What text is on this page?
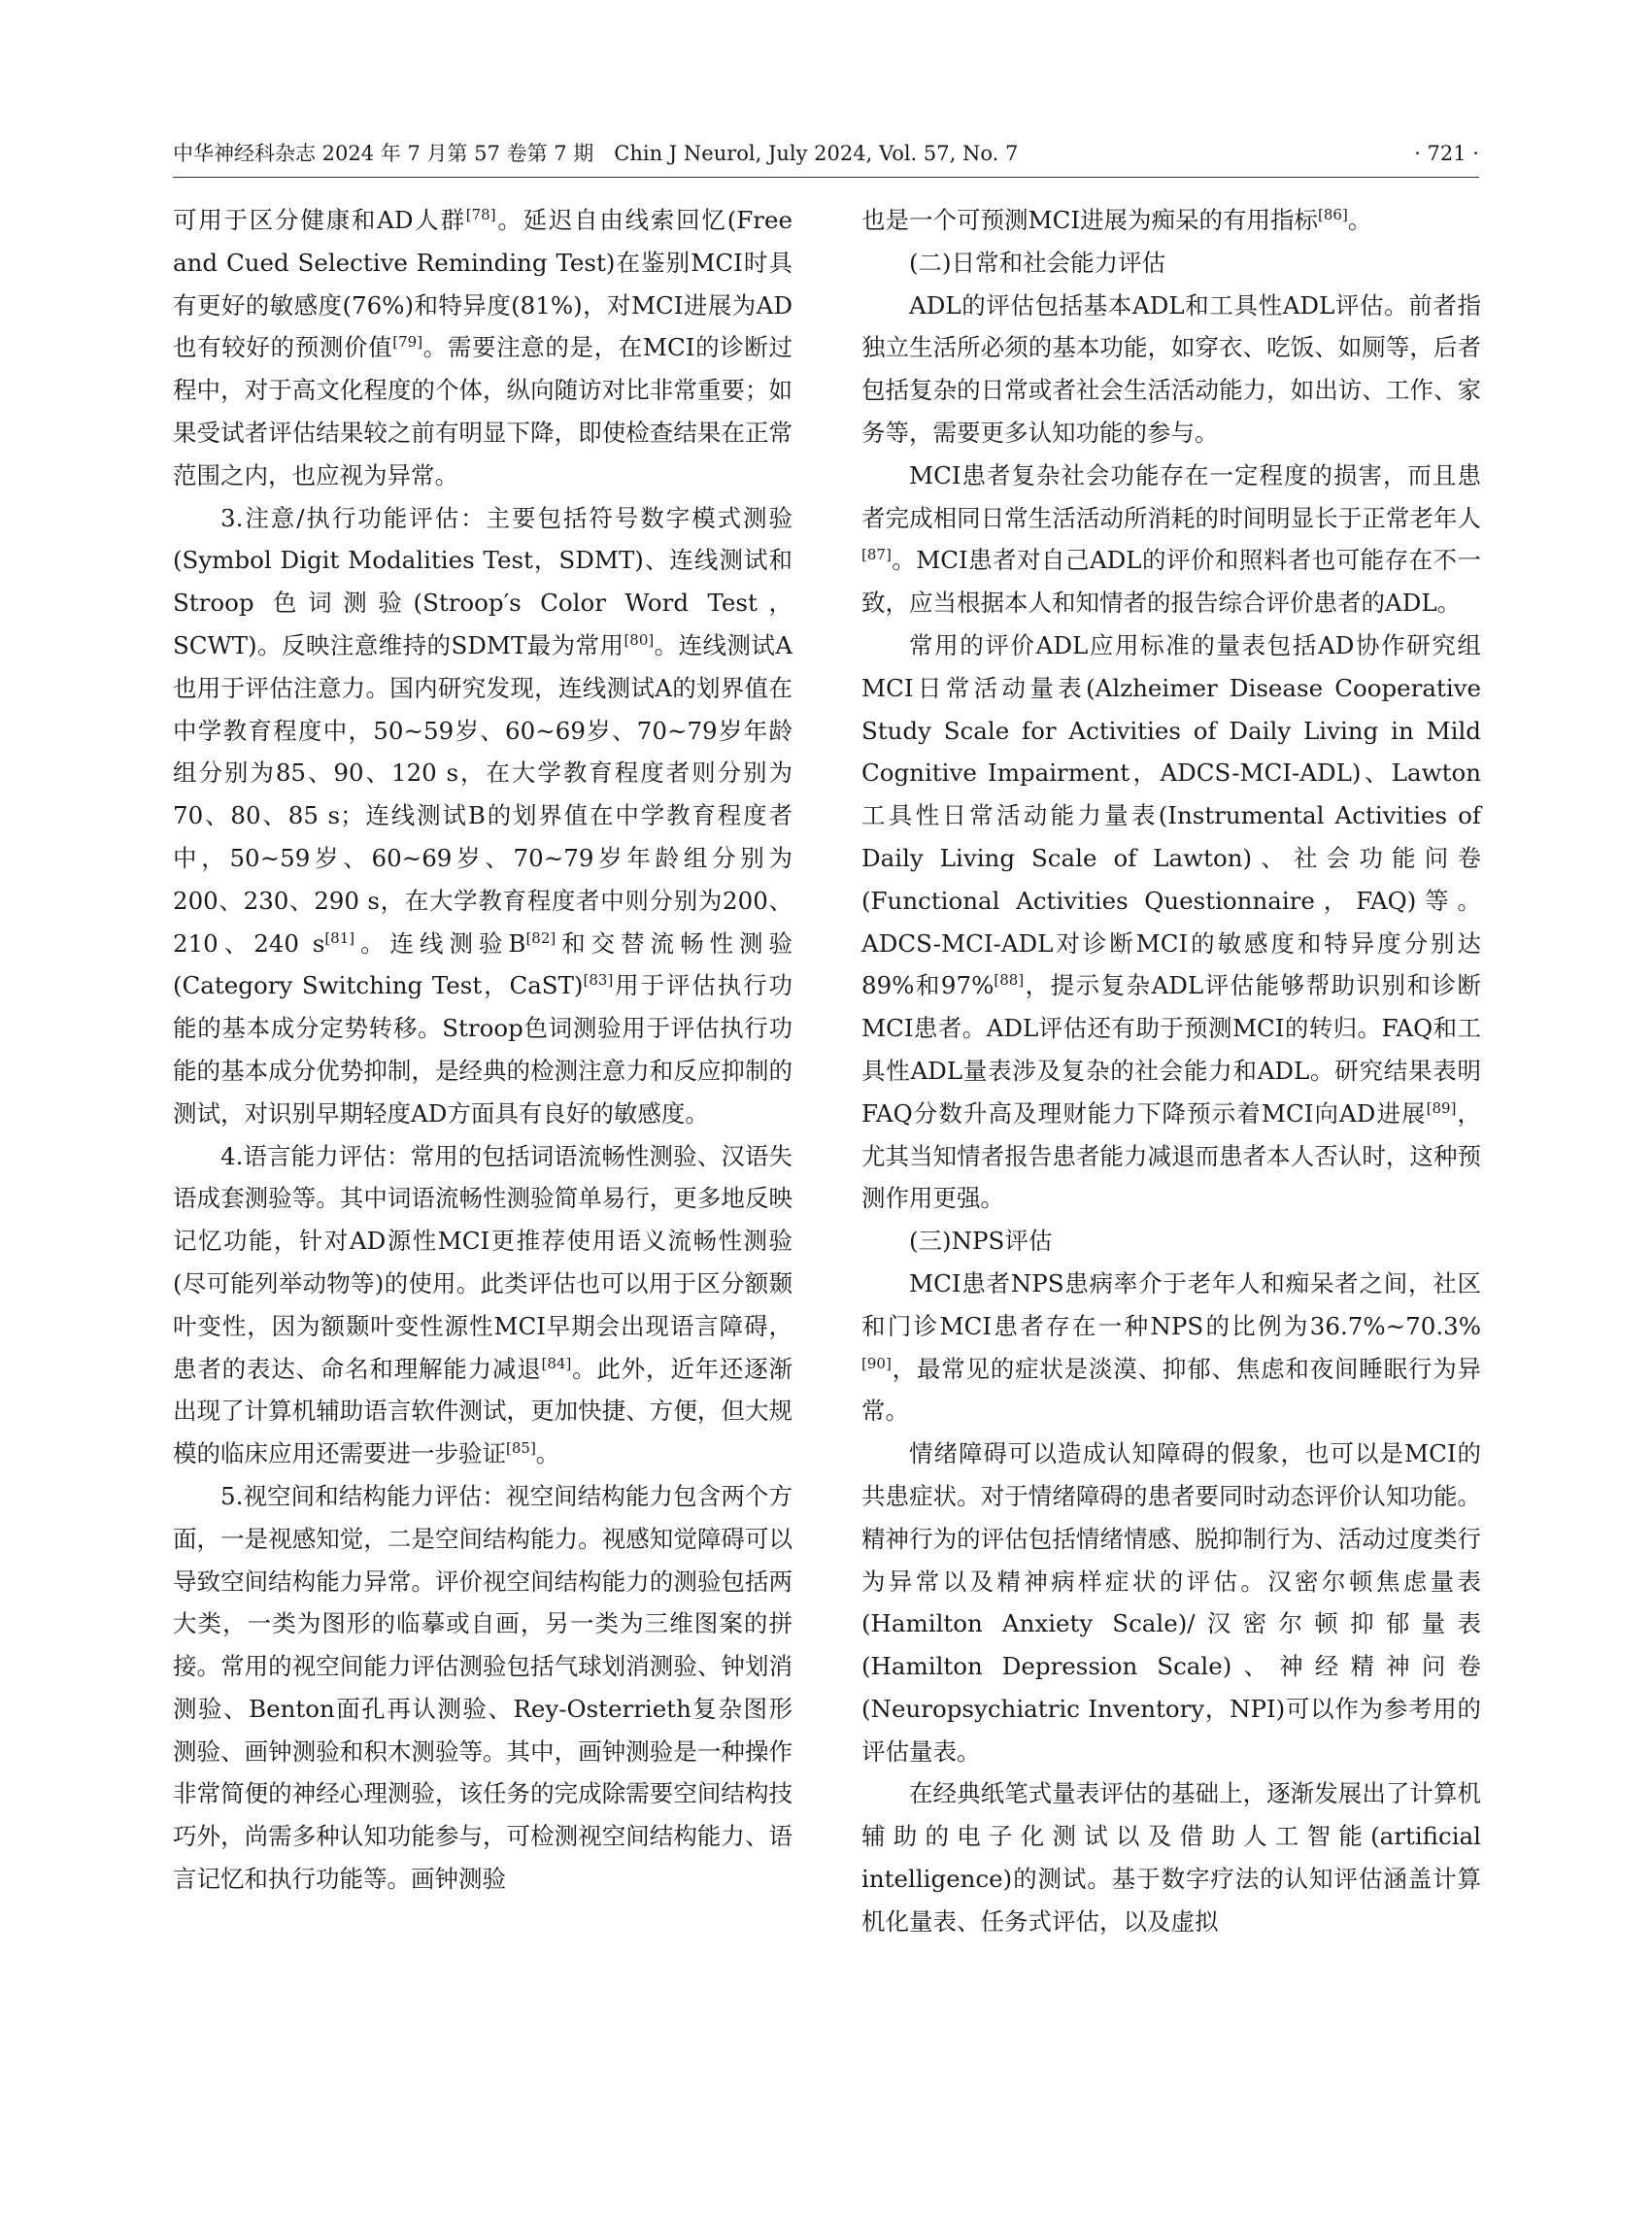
中华神经科杂志 2024 年 7 月第 57 卷第 7 期　Chin J Neurol, July 2024, Vol. 57, No. 7	· 721 ·

可用于区分健康和AD人群[78]。延迟自由线索回忆(Free and Cued Selective Reminding Test)在鉴别MCI时具有更好的敏感度(76%)和特异度(81%)，对MCI进展为AD也有较好的预测价值[79]。需要注意的是，在MCI的诊断过程中，对于高文化程度的个体，纵向随访对比非常重要；如果受试者评估结果较之前有明显下降，即使检查结果在正常范围之内，也应视为异常。

3.注意/执行功能评估：主要包括符号数字模式测验(Symbol Digit Modalities Test，SDMT)、连线测试和 Stroop 色词测验(Stroop′s Color Word Test，SCWT)。反映注意维持的SDMT最为常用[80]。连线测试A也用于评估注意力。国内研究发现，连线测试A的划界值在中学教育程度中，50~59岁、60~69岁、70~79岁年龄组分别为85、90、120 s，在大学教育程度者则分别为70、80、85 s；连线测试B的划界值在中学教育程度者中，50~59岁、60~69岁、70~79岁年龄组分别为200、230、290 s，在大学教育程度者中则分别为200、210、240 s[81]。连线测验B[82]和交替流畅性测验(Category Switching Test，CaST)[83]用于评估执行功能的基本成分定势转移。Stroop色词测验用于评估执行功能的基本成分优势抑制，是经典的检测注意力和反应抑制的测试，对识别早期轻度AD方面具有良好的敏感度。

4.语言能力评估：常用的包括词语流畅性测验、汉语失语成套测验等。其中词语流畅性测验简单易行，更多地反映记忆功能，针对AD源性MCI更推荐使用语义流畅性测验(尽可能列举动物等)的使用。此类评估也可以用于区分额颞叶变性，因为额颞叶变性源性MCI早期会出现语言障碍，患者的表达、命名和理解能力减退[84]。此外，近年还逐渐出现了计算机辅助语言软件测试，更加快捷、方便，但大规模的临床应用还需要进一步验证[85]。

5.视空间和结构能力评估：视空间结构能力包含两个方面，一是视感知觉，二是空间结构能力。视感知觉障碍可以导致空间结构能力异常。评价视空间结构能力的测验包括两大类，一类为图形的临摹或自画，另一类为三维图案的拼接。常用的视空间能力评估测验包括气球划消测验、钟划消测验、Benton面孔再认测验、Rey-Osterrieth复杂图形测验、画钟测验和积木测验等。其中，画钟测验是一种操作非常简便的神经心理测验，该任务的完成除需要空间结构技巧外，尚需多种认知功能参与，可检测视空间结构能力、语言记忆和执行功能等。画钟测验

也是一个可预测MCI进展为痴呆的有用指标[86]。

(二)日常和社会能力评估

ADL的评估包括基本ADL和工具性ADL评估。前者指独立生活所必须的基本功能，如穿衣、吃饭、如厕等，后者包括复杂的日常或者社会生活活动能力，如出访、工作、家务等，需要更多认知功能的参与。

MCI患者复杂社会功能存在一定程度的损害，而且患者完成相同日常生活活动所消耗的时间明显长于正常老年人[87]。MCI患者对自己ADL的评价和照料者也可能存在不一致，应当根据本人和知情者的报告综合评价患者的ADL。

常用的评价ADL应用标准的量表包括AD协作研究组MCI日常活动量表(Alzheimer Disease Cooperative Study Scale for Activities of Daily Living in Mild Cognitive Impairment，ADCS-MCI-ADL)、Lawton工具性日常活动能力量表(Instrumental Activities of Daily Living Scale of Lawton)、社会功能问卷(Functional Activities Questionnaire，FAQ)等。ADCS-MCI-ADL对诊断MCI的敏感度和特异度分别达89%和97%[88]，提示复杂ADL评估能够帮助识别和诊断MCI患者。ADL评估还有助于预测MCI的转归。FAQ和工具性ADL量表涉及复杂的社会能力和ADL。研究结果表明FAQ分数升高及理财能力下降预示着MCI向AD进展[89]，尤其当知情者报告患者能力减退而患者本人否认时，这种预测作用更强。

(三)NPS评估

MCI患者NPS患病率介于老年人和痴呆者之间，社区和门诊MCI患者存在一种NPS的比例为36.7%~70.3%[90]，最常见的症状是淡漠、抑郁、焦虑和夜间睡眠行为异常。

情绪障碍可以造成认知障碍的假象，也可以是MCI的共患症状。对于情绪障碍的患者要同时动态评价认知功能。精神行为的评估包括情绪情感、脱抑制行为、活动过度类行为异常以及精神病样症状的评估。汉密尔顿焦虑量表(Hamilton Anxiety Scale)/汉密尔顿抑郁量表(Hamilton Depression Scale)、神经精神问卷(Neuropsychiatric Inventory，NPI)可以作为参考用的评估量表。

在经典纸笔式量表评估的基础上，逐渐发展出了计算机辅助的电子化测试以及借助人工智能(artificial intelligence)的测试。基于数字疗法的认知评估涵盖计算机化量表、任务式评估，以及虚拟
